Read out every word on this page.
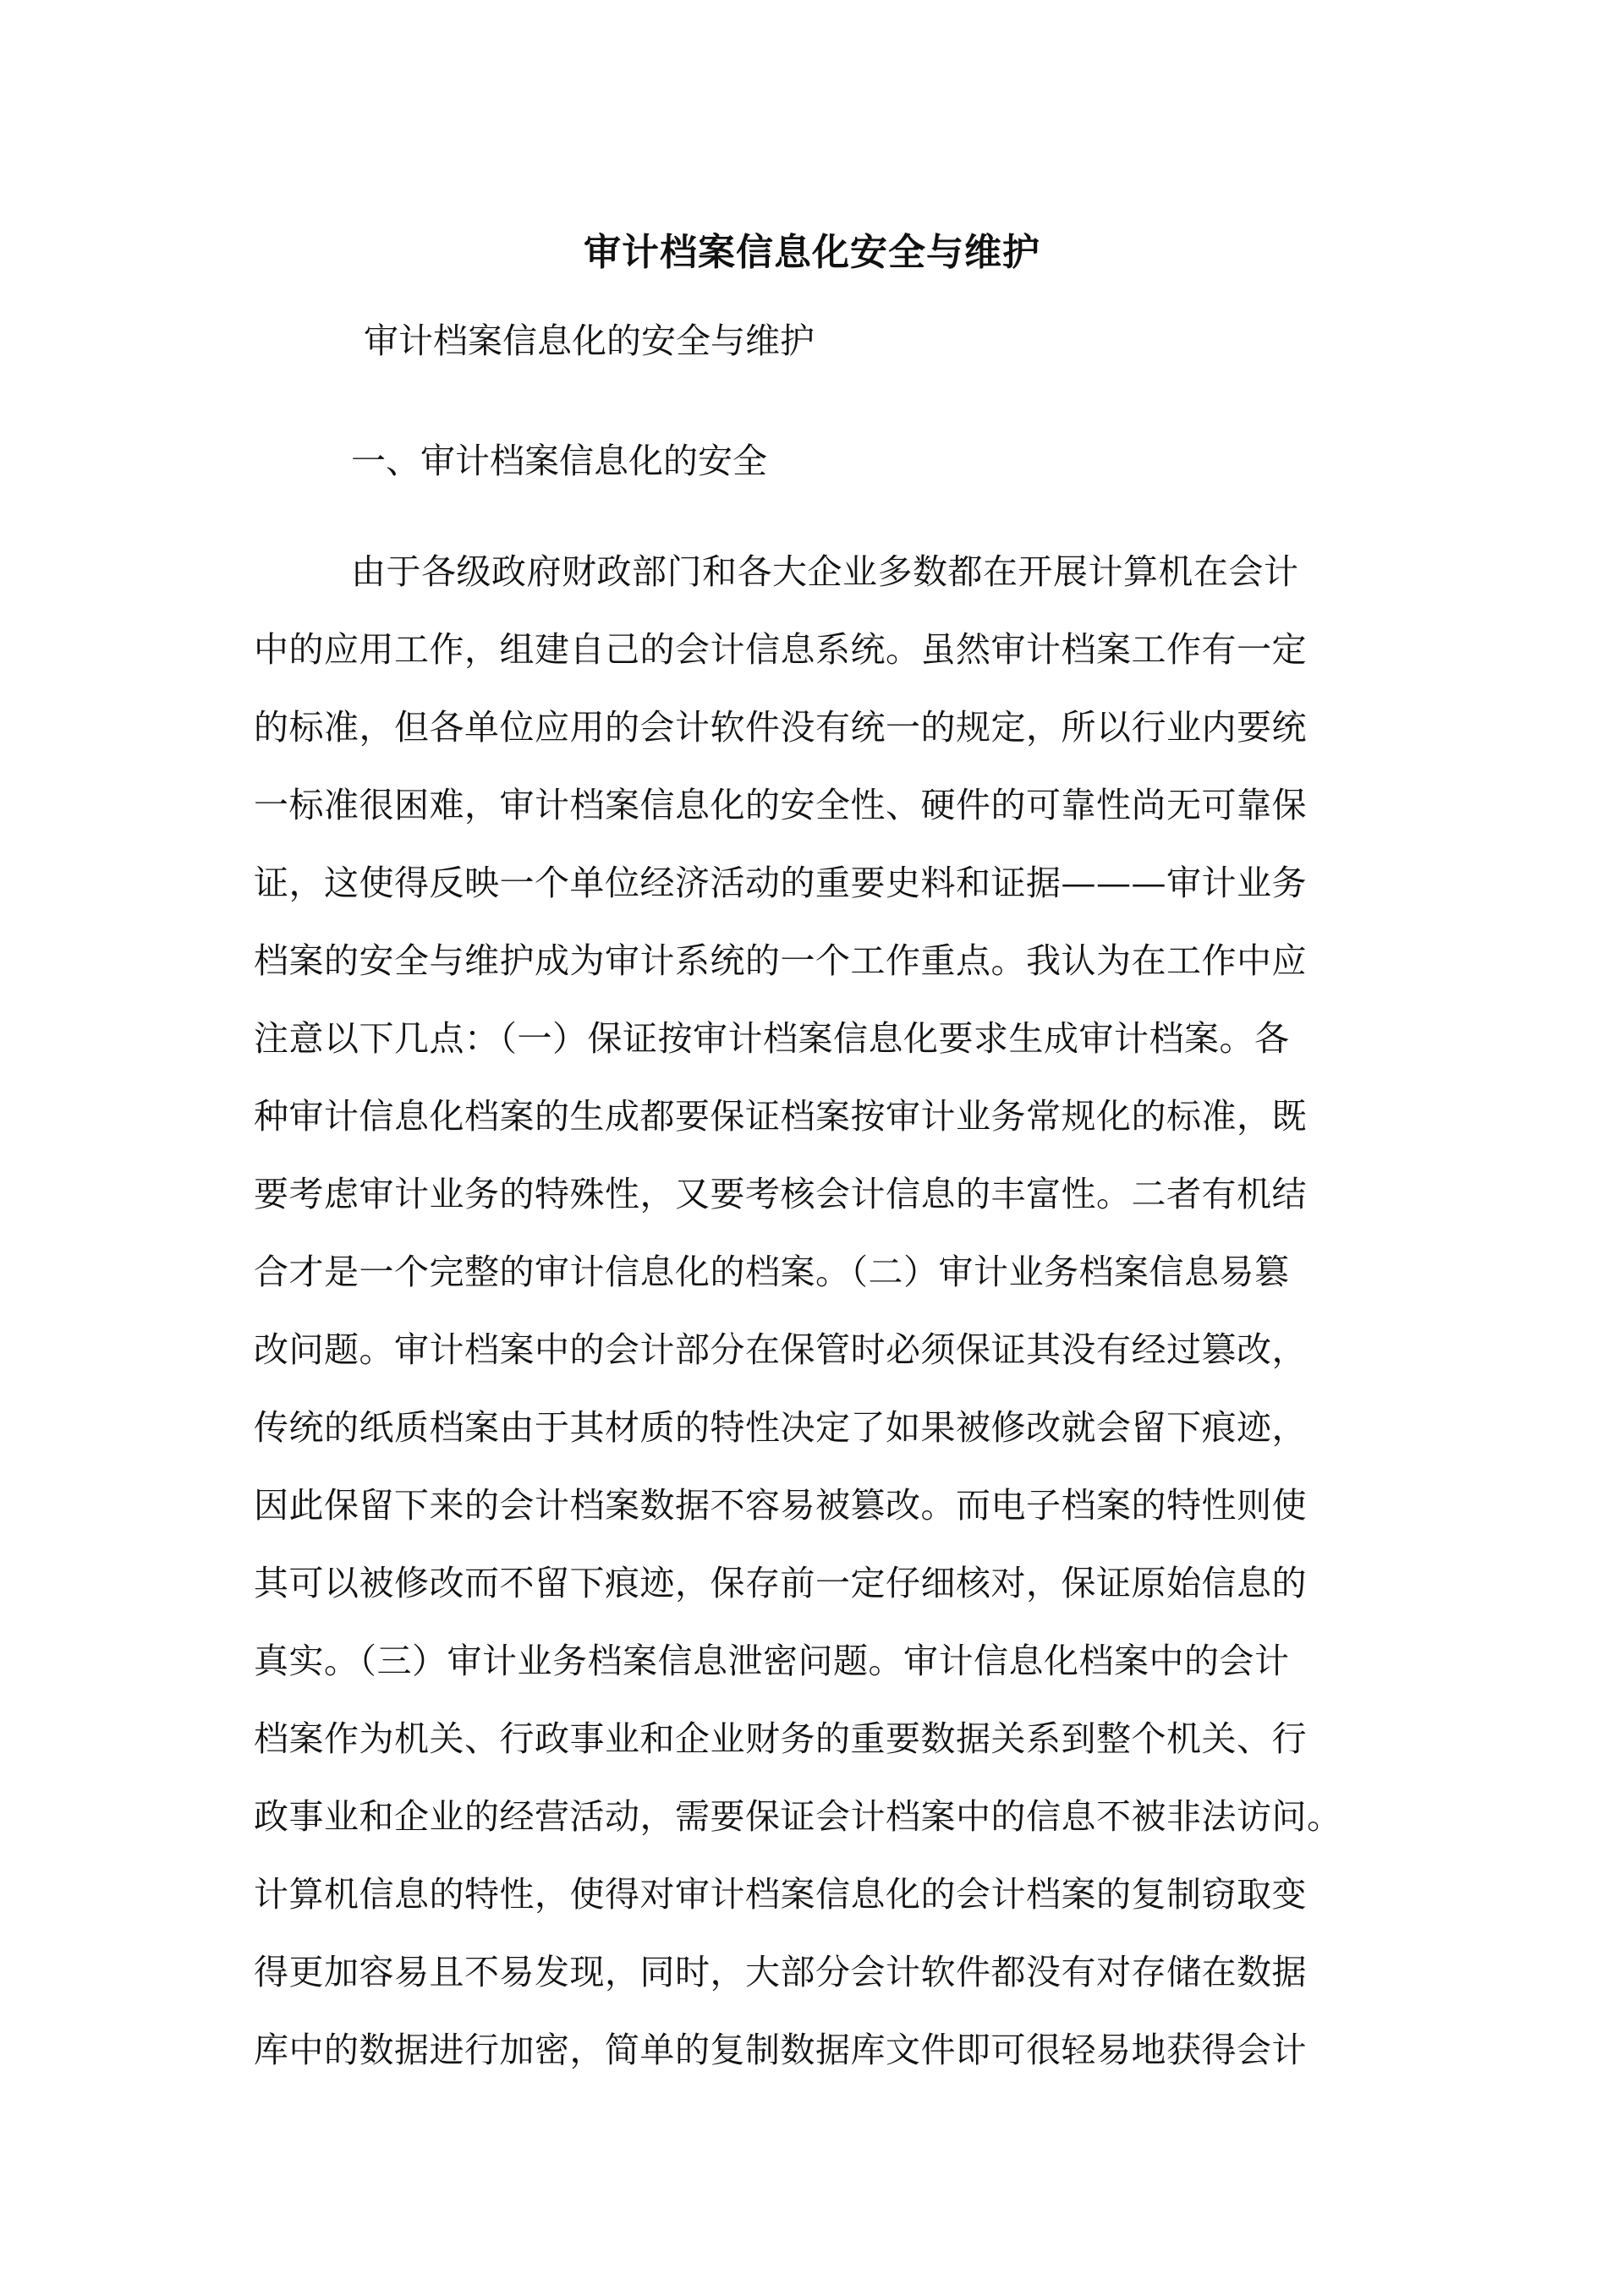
审计档案信息化安全与维护

审计档案信息化的安全与维护

一、审计档案信息化的安全

由于各级政府财政部门和各大企业多数都在开展计算机在会计
中的应用工作，组建自己的会计信息系统。虽然审计档案工作有一定
的标准，但各单位应用的会计软件没有统一的规定，所以行业内要统
一标准很困难，审计档案信息化的安全性、硬件的可靠性尚无可靠保
证，这使得反映一个单位经济活动的重要史料和证据———审计业务
档案的安全与维护成为审计系统的一个工作重点。我认为在工作中应
注意以下几点：（一）保证按审计档案信息化要求生成审计档案。各
种审计信息化档案的生成都要保证档案按审计业务常规化的标准，既
要考虑审计业务的特殊性，又要考核会计信息的丰富性。二者有机结
合才是一个完整的审计信息化的档案。（二）审计业务档案信息易篡
改问题。审计档案中的会计部分在保管时必须保证其没有经过篡改，
传统的纸质档案由于其材质的特性决定了如果被修改就会留下痕迹，
因此保留下来的会计档案数据不容易被篡改。而电子档案的特性则使
其可以被修改而不留下痕迹，保存前一定仔细核对，保证原始信息的
真实。（三）审计业务档案信息泄密问题。审计信息化档案中的会计
档案作为机关、行政事业和企业财务的重要数据关系到整个机关、行
政事业和企业的经营活动，需要保证会计档案中的信息不被非法访问。
计算机信息的特性，使得对审计档案信息化的会计档案的复制窃取变
得更加容易且不易发现，同时，大部分会计软件都没有对存储在数据
库中的数据进行加密，简单的复制数据库文件即可很轻易地获得会计
